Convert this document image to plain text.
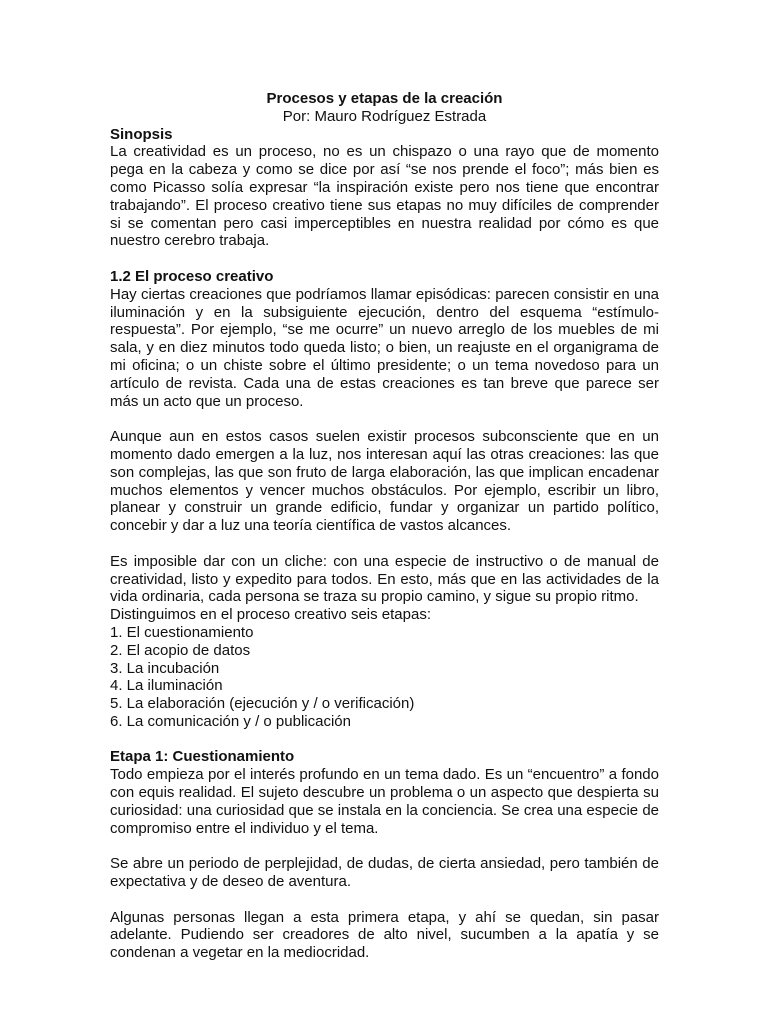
Procesos y etapas de la creación
Por: Mauro Rodríguez Estrada
Sinopsis

La creatividad es un proceso, no es un chispazo o una rayo que de momento pega en la cabeza y como se dice por así “se nos prende el foco”; más bien es como Picasso solía expresar “la inspiración existe pero nos tiene que encontrar trabajando”. El proceso creativo tiene sus etapas no muy difíciles de comprender si se comentan pero casi imperceptibles en nuestra realidad por cómo es que nuestro cerebro trabaja.

1.2 El proceso creativo

Hay ciertas creaciones que podríamos llamar episódicas: parecen consistir en una iluminación y en la subsiguiente ejecución, dentro del esquema “estímulo-respuesta”. Por ejemplo, “se me ocurre” un nuevo arreglo de los muebles de mi sala, y en diez minutos todo queda listo; o bien, un reajuste en el organigrama de mi oficina; o un chiste sobre el último presidente; o un tema novedoso para un artículo de revista. Cada una de estas creaciones es tan breve que parece ser más un acto que un proceso.

Aunque aun en estos casos suelen existir procesos subconsciente que en un momento dado emergen a la luz, nos interesan aquí las otras creaciones: las que son complejas, las que son fruto de larga elaboración, las que implican encadenar muchos elementos y vencer muchos obstáculos. Por ejemplo, escribir un libro, planear y construir un grande edificio, fundar y organizar un partido político, concebir y dar a luz una teoría científica de vastos alcances.

Es imposible dar con un cliche: con una especie de instructivo o de manual de creatividad, listo y expedito para todos. En esto, más que en las actividades de la vida ordinaria, cada persona se traza su propio camino, y sigue su propio ritmo.

Distinguimos en el proceso creativo seis etapas:

1. El cuestionamiento
2. El acopio de datos
3. La incubación
4. La iluminación
5. La elaboración (ejecución y / o verificación)
6. La comunicación y / o publicación
Etapa 1: Cuestionamiento

Todo empieza por el interés profundo en un tema dado. Es un “encuentro” a fondo con equis realidad. El sujeto descubre un problema o un aspecto que despierta su curiosidad: una curiosidad que se instala en la conciencia. Se crea una especie de compromiso entre el individuo y el tema.

Se abre un periodo de perplejidad, de dudas, de cierta ansiedad, pero también de expectativa y de deseo de aventura.

Algunas personas llegan a esta primera etapa, y ahí se quedan, sin pasar adelante. Pudiendo ser creadores de alto nivel, sucumben a la apatía y se condenan a vegetar en la mediocridad.
